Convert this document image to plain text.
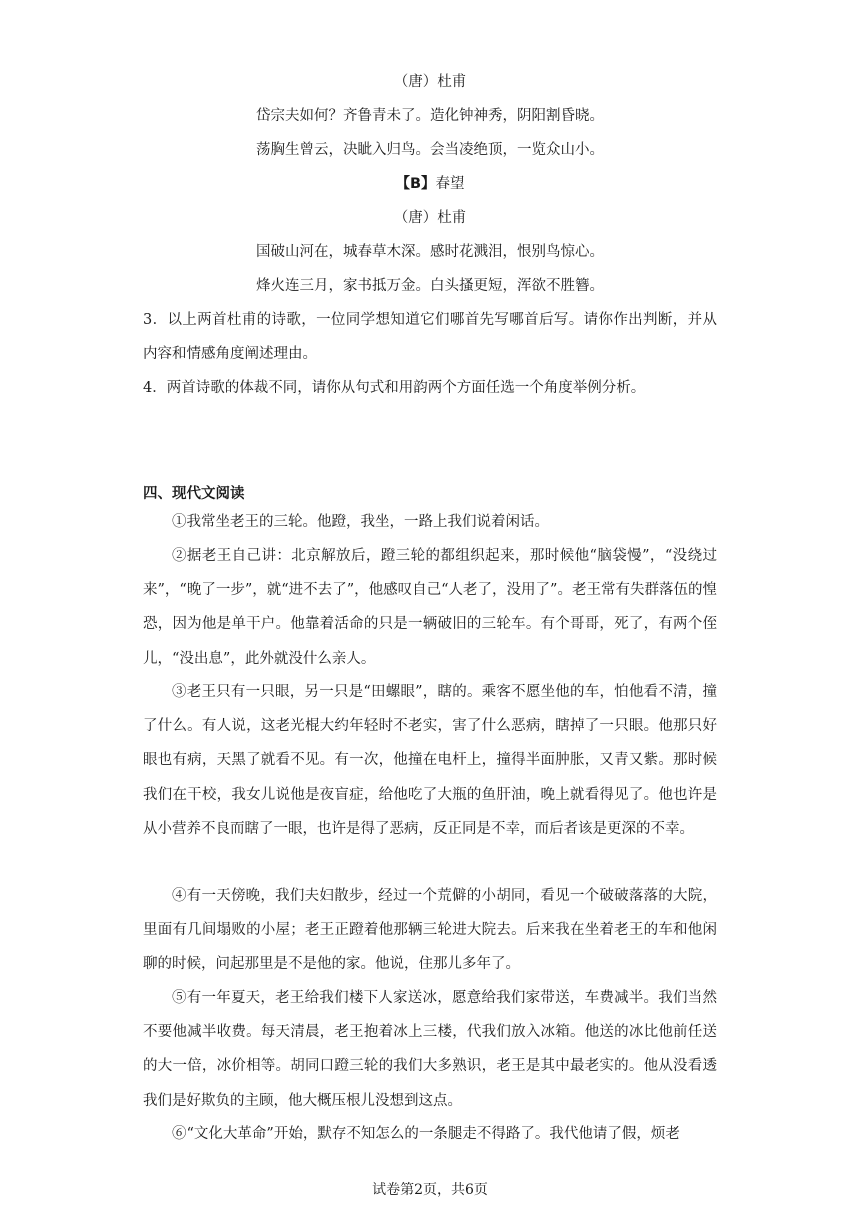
（唐）杜甫
岱宗夫如何？齐鲁青未了。造化钟神秀，阴阳割昏晓。
荡胸生曾云，决眦入归鸟。会当凌绝顶，一览众山小。
【B】春望
（唐）杜甫
国破山河在，城春草木深。感时花溅泪，恨别鸟惊心。
烽火连三月，家书抵万金。白头搔更短，浑欲不胜簪。
3．以上两首杜甫的诗歌，一位同学想知道它们哪首先写哪首后写。请你作出判断，并从内容和情感角度阐述理由。
4．两首诗歌的体裁不同，请你从句式和用韵两个方面任选一个角度举例分析。
四、现代文阅读
①我常坐老王的三轮。他蹬，我坐，一路上我们说着闲话。
②据老王自己讲：北京解放后，蹬三轮的都组织起来，那时候他“脑袋慢”，“没绕过来”，“晚了一步”，就“进不去了”，他感叹自己“人老了，没用了”。老王常有失群落伍的惶恐，因为他是单干户。他靠着活命的只是一辆破旧的三轮车。有个哥哥，死了，有两个侄儿，“没出息”，此外就没什么亲人。
③老王只有一只眼，另一只是“田螺眼”，瞎的。乘客不愿坐他的车，怕他看不清，撞了什么。有人说，这老光棍大约年轻时不老实，害了什么恶病，瞎掉了一只眼。他那只好眼也有病，天黑了就看不见。有一次，他撞在电杆上，撞得半面肿胀，又青又紫。那时候我们在干校，我女儿说他是夜盲症，给他吃了大瓶的鱼肝油，晚上就看得见了。他也许是从小营养不良而瞎了一眼，也许是得了恶病，反正同是不幸，而后者该是更深的不幸。
④有一天傍晚，我们夫妇散步，经过一个荒僻的小胡同，看见一个破破落落的大院，里面有几间塌败的小屋；老王正蹬着他那辆三轮进大院去。后来我在坐着老王的车和他闲聊的时候，问起那里是不是他的家。他说，住那儿多年了。
⑤有一年夏天，老王给我们楼下人家送冰，愿意给我们家带送，车费减半。我们当然不要他减半收费。每天清晨，老王抱着冰上三楼，代我们放入冰箱。他送的冰比他前任送的大一倍，冰价相等。胡同口蹬三轮的我们大多熟识，老王是其中最老实的。他从没看透我们是好欺负的主顾，他大概压根儿没想到这点。
⑥“文化大革命”开始，默存不知怎么的一条腿走不得路了。我代他请了假，烦老
试卷第2页，共6页
